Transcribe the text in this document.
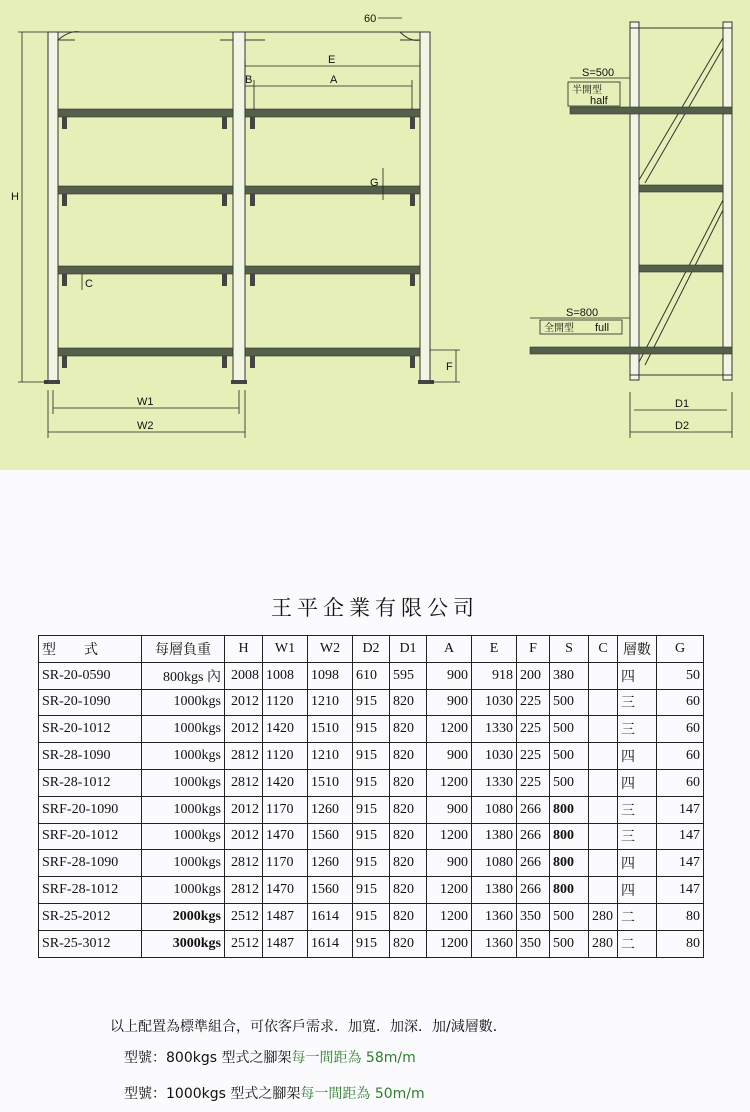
60
E
B	A
G
C
H
F
W1
W2
D1
D2
S=500
半開型
half
S=800
全開型 full
王平企業有限公司
型　　式	每層負重	H	W1	W2	D2	D1	A	E	F	S	C	層數	G
SR-20-0590	800kgs 內	2008	1008	1098	610	595	900	918	200	380		四	50
SR-20-1090	1000kgs	2012	1120	1210	915	820	900	1030	225	500		三	60
SR-20-1012	1000kgs	2012	1420	1510	915	820	1200	1330	225	500		三	60
SR-28-1090	1000kgs	2812	1120	1210	915	820	900	1030	225	500		四	60
SR-28-1012	1000kgs	2812	1420	1510	915	820	1200	1330	225	500		四	60
SRF-20-1090	1000kgs	2012	1170	1260	915	820	900	1080	266	800		三	147
SRF-20-1012	1000kgs	2012	1470	1560	915	820	1200	1380	266	800		三	147
SRF-28-1090	1000kgs	2812	1170	1260	915	820	900	1080	266	800		四	147
SRF-28-1012	1000kgs	2812	1470	1560	915	820	1200	1380	266	800		四	147
SR-25-2012	2000kgs	2512	1487	1614	915	820	1200	1360	350	500	280	二	80
SR-25-3012	3000kgs	2512	1487	1614	915	820	1200	1360	350	500	280	二	80
以上配置為標準組合，可依客戶需求．加寬．加深．加/減層數．
型號：800kgs 型式之腳架每一間距為 58m/m
型號：1000kgs 型式之腳架每一間距為 50m/m
